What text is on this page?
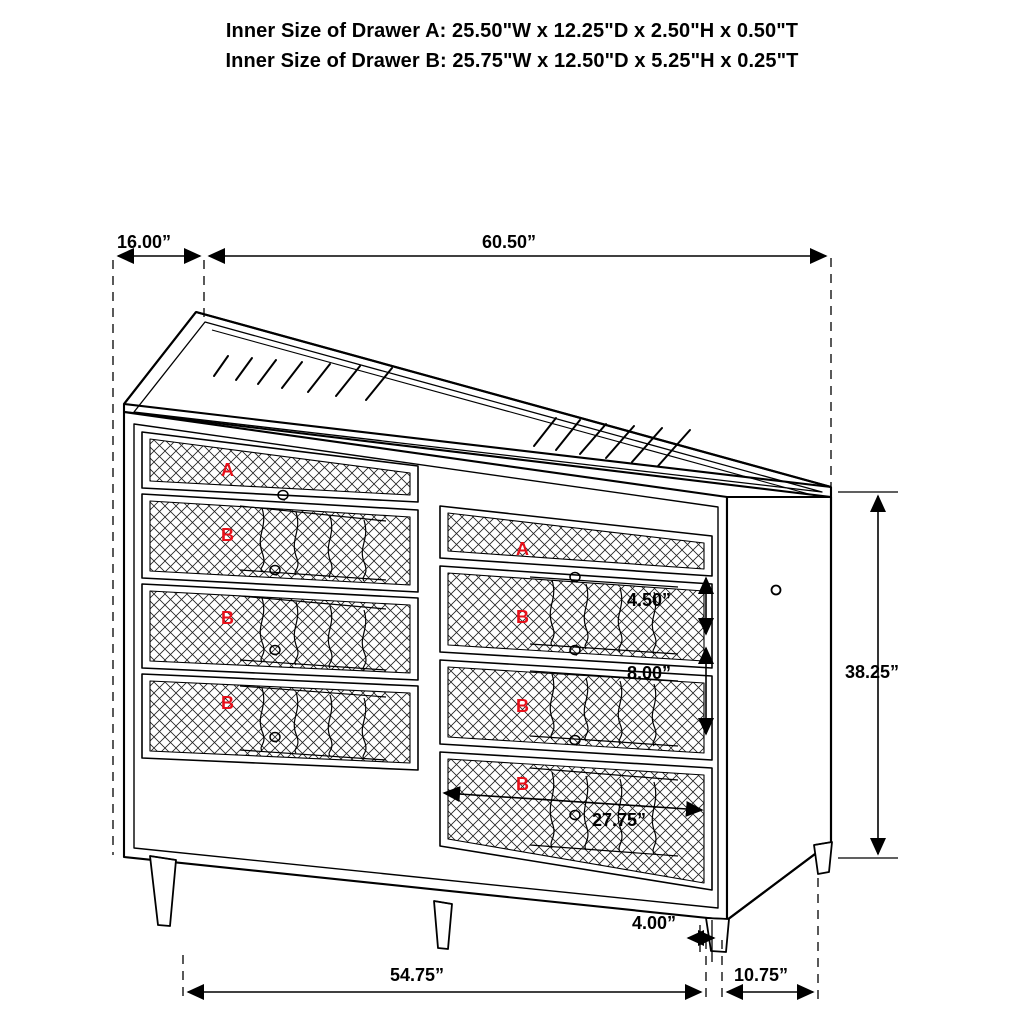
Inner Size of Drawer A: 25.50"W x 12.25"D x 2.50"H x 0.50"T
Inner Size of Drawer B: 25.75"W x 12.50"D x 5.25"H x 0.25"T
16.00”	60.50”
38.25”
4.50”
8.00”
27.75”
4.00”
54.75”	10.75”
A
B
B
B
A
B
B
B
